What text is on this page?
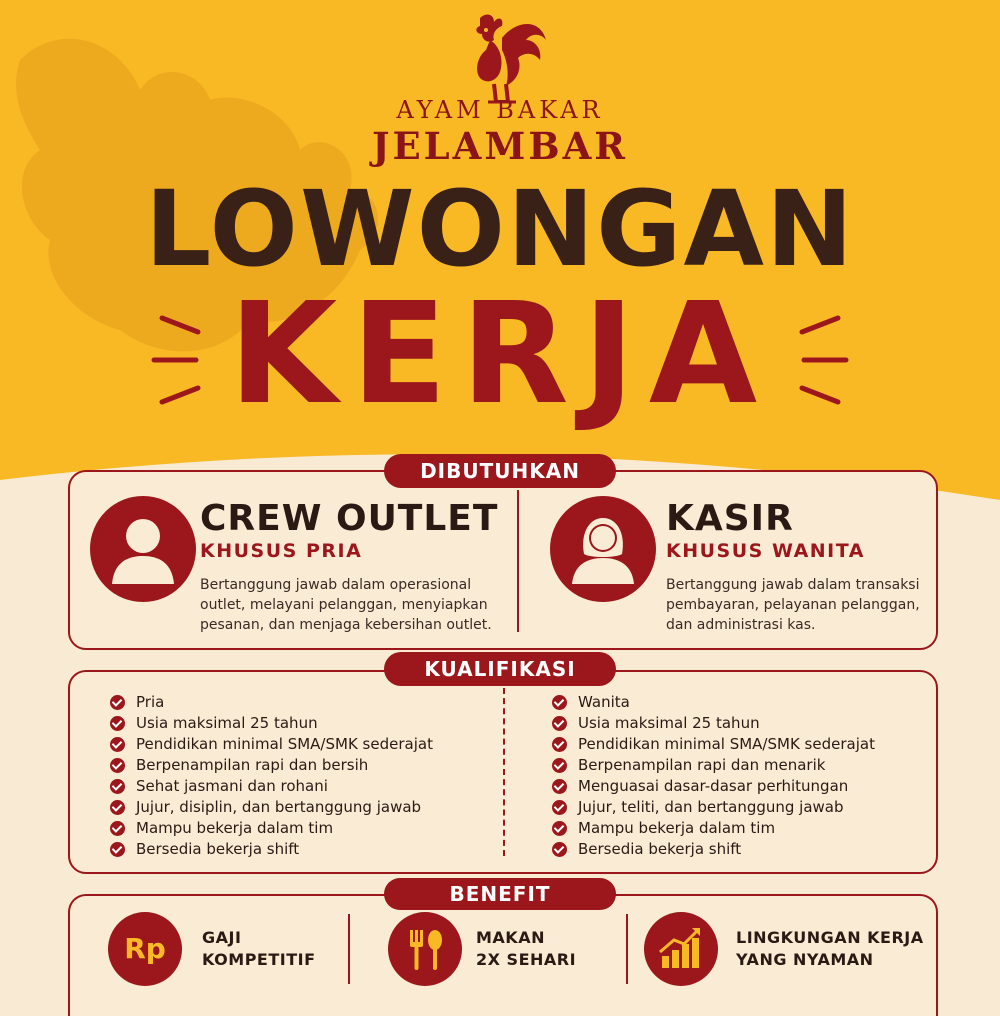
AYAM BAKAR
JELAMBAR
LOWONGAN
KERJA
DIBUTUHKAN
CREW OUTLET
KHUSUS PRIA
Bertanggung jawab dalam operasional
outlet, melayani pelanggan, menyiapkan
pesanan, dan menjaga kebersihan outlet.
KASIR
KHUSUS WANITA
Bertanggung jawab dalam transaksi
pembayaran, pelayanan pelanggan,
dan administrasi kas.
KUALIFIKASI
Pria
Usia maksimal 25 tahun
Pendidikan minimal SMA/SMK sederajat
Berpenampilan rapi dan bersih
Sehat jasmani dan rohani
Jujur, disiplin, dan bertanggung jawab
Mampu bekerja dalam tim
Bersedia bekerja shift
Wanita
Usia maksimal 25 tahun
Pendidikan minimal SMA/SMK sederajat
Berpenampilan rapi dan menarik
Menguasai dasar-dasar perhitungan
Jujur, teliti, dan bertanggung jawab
Mampu bekerja dalam tim
Bersedia bekerja shift
BENEFIT
Rp	GAJI
KOMPETITIF
MAKAN
2X SEHARI
LINGKUNGAN KERJA
YANG NYAMAN
